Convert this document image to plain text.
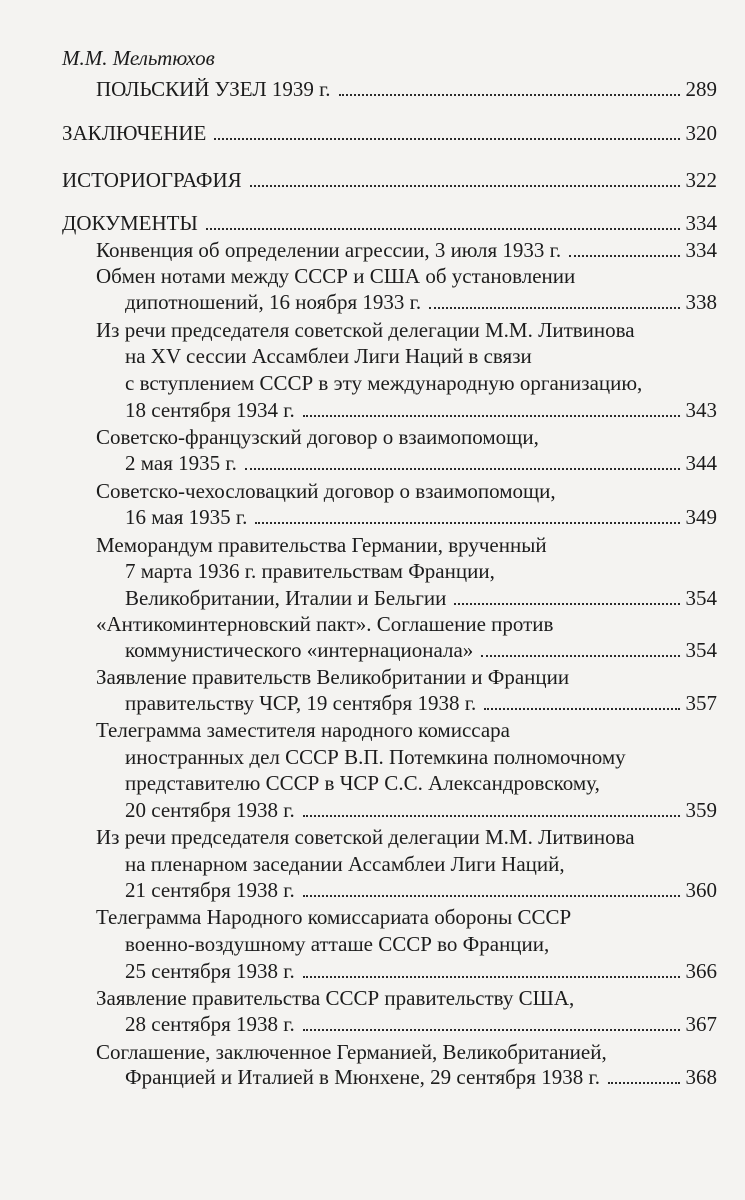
М.М. Мельтюхов
ПОЛЬСКИЙ УЗЕЛ 1939 г.	289
ЗАКЛЮЧЕНИЕ	320
ИСТОРИОГРАФИЯ	322
ДОКУМЕНТЫ	334
Конвенция об определении агрессии, 3 июля 1933 г.	334
Обмен нотами между СССР и США об установлении
дипотношений, 16 ноября 1933 г.	338
Из речи председателя советской делегации М.М. Литвинова
на XV сессии Ассамблеи Лиги Наций в связи
с вступлением СССР в эту международную организацию,
18 сентября 1934 г.	343
Советско-французский договор о взаимопомощи,
2 мая 1935 г.	344
Советско-чехословацкий договор о взаимопомощи,
16 мая 1935 г.	349
Меморандум правительства Германии, врученный
7 марта 1936 г. правительствам Франции,
Великобритании, Италии и Бельгии	354
«Антикоминтерновский пакт». Соглашение против
коммунистического «интернационала»	354
Заявление правительств Великобритании и Франции
правительству ЧСР, 19 сентября 1938 г.	357
Телеграмма заместителя народного комиссара
иностранных дел СССР В.П. Потемкина полномочному
представителю СССР в ЧСР С.С. Александровскому,
20 сентября 1938 г.	359
Из речи председателя советской делегации М.М. Литвинова
на пленарном заседании Ассамблеи Лиги Наций,
21 сентября 1938 г.	360
Телеграмма Народного комиссариата обороны СССР
военно-воздушному атташе СССР во Франции,
25 сентября 1938 г.	366
Заявление правительства СССР правительству США,
28 сентября 1938 г.	367
Соглашение, заключенное Германией, Великобританией,
Францией и Италией в Мюнхене, 29 сентября 1938 г.	368
